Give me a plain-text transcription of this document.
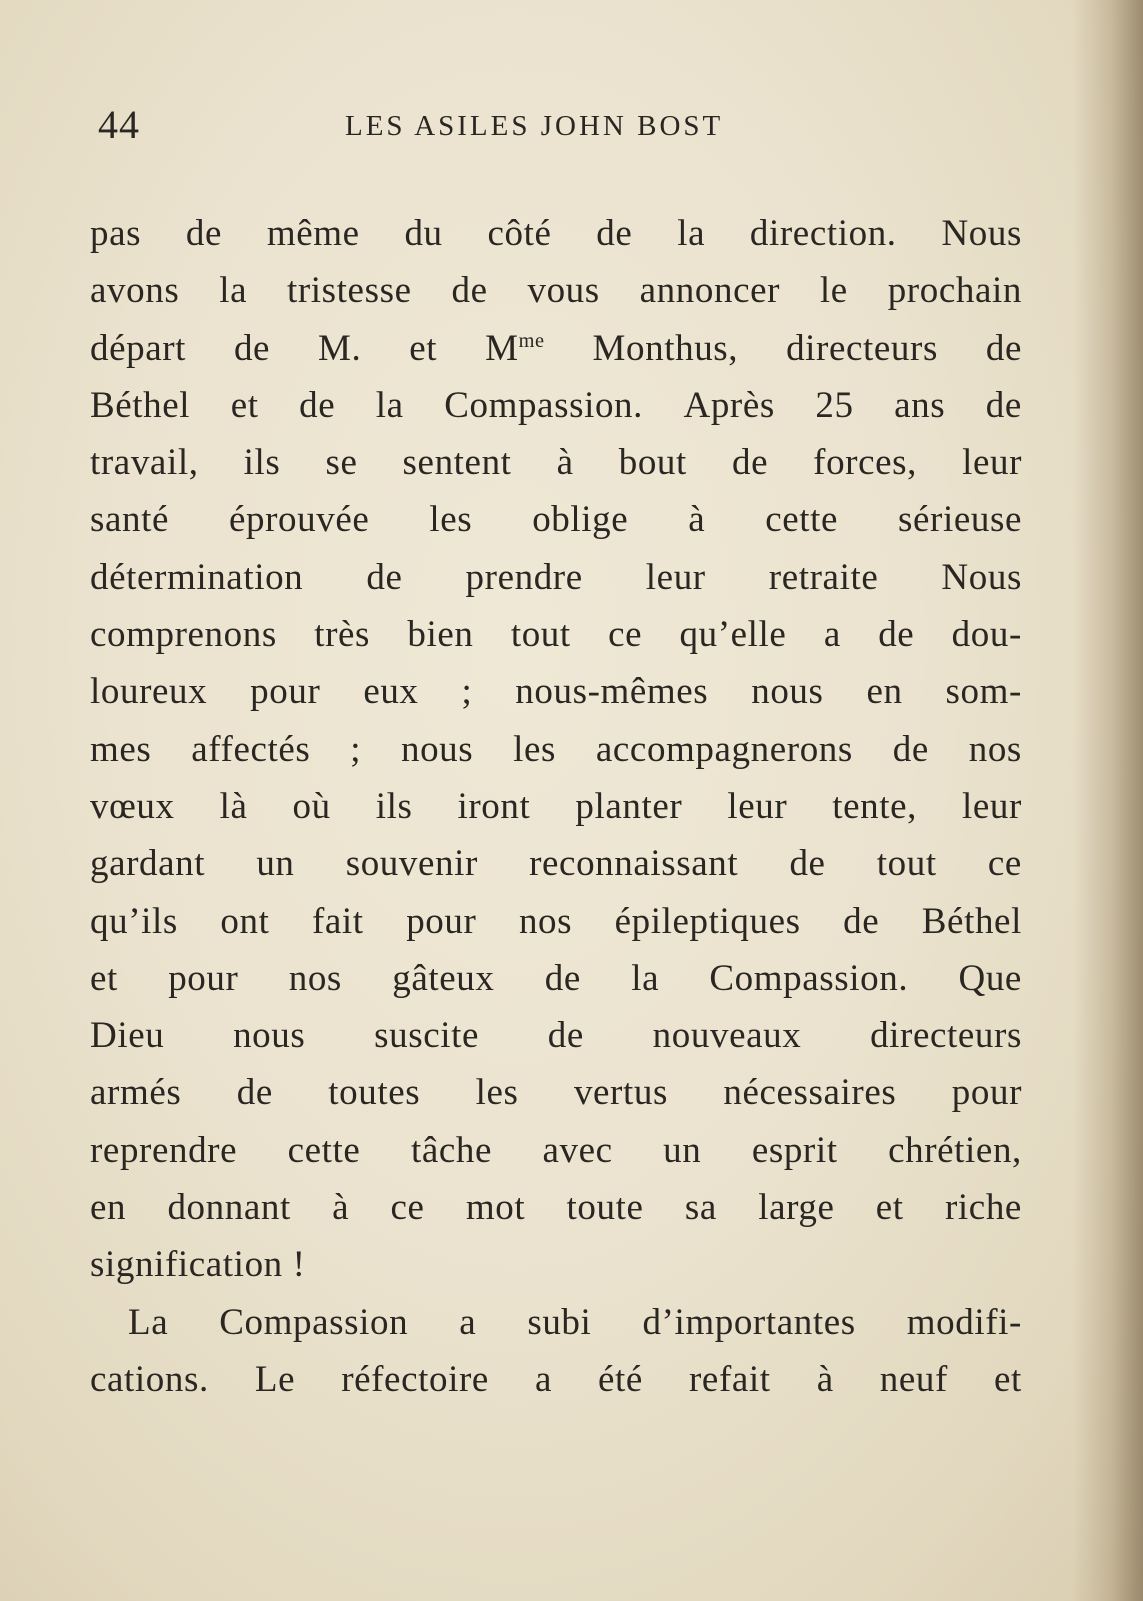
44	LES ASILES JOHN BOST
pas de même du côté de la direction. Nous
avons la tristesse de vous annoncer le prochain
départ de M. et $M^{me}$ Monthus, directeurs de
Béthel et de la Compassion. Après 25 ans de
travail, ils se sentent à bout de forces, leur
santé éprouvée les oblige à cette sérieuse
détermination de prendre leur retraite Nous
comprenons très bien tout ce qu’elle a de dou-
loureux pour eux ; nous-mêmes nous en som-
mes affectés ; nous les accompagnerons de nos
vœux là où ils iront planter leur tente, leur
gardant un souvenir reconnaissant de tout ce
qu’ils ont fait pour nos épileptiques de Béthel
et pour nos gâteux de la Compassion. Que
Dieu nous suscite de nouveaux directeurs
armés de toutes les vertus nécessaires pour
reprendre cette tâche avec un esprit chrétien,
en donnant à ce mot toute sa large et riche
signification
!
La Compassion a subi d’importantes modifi-
cations. Le réfectoire a été refait à neuf et
